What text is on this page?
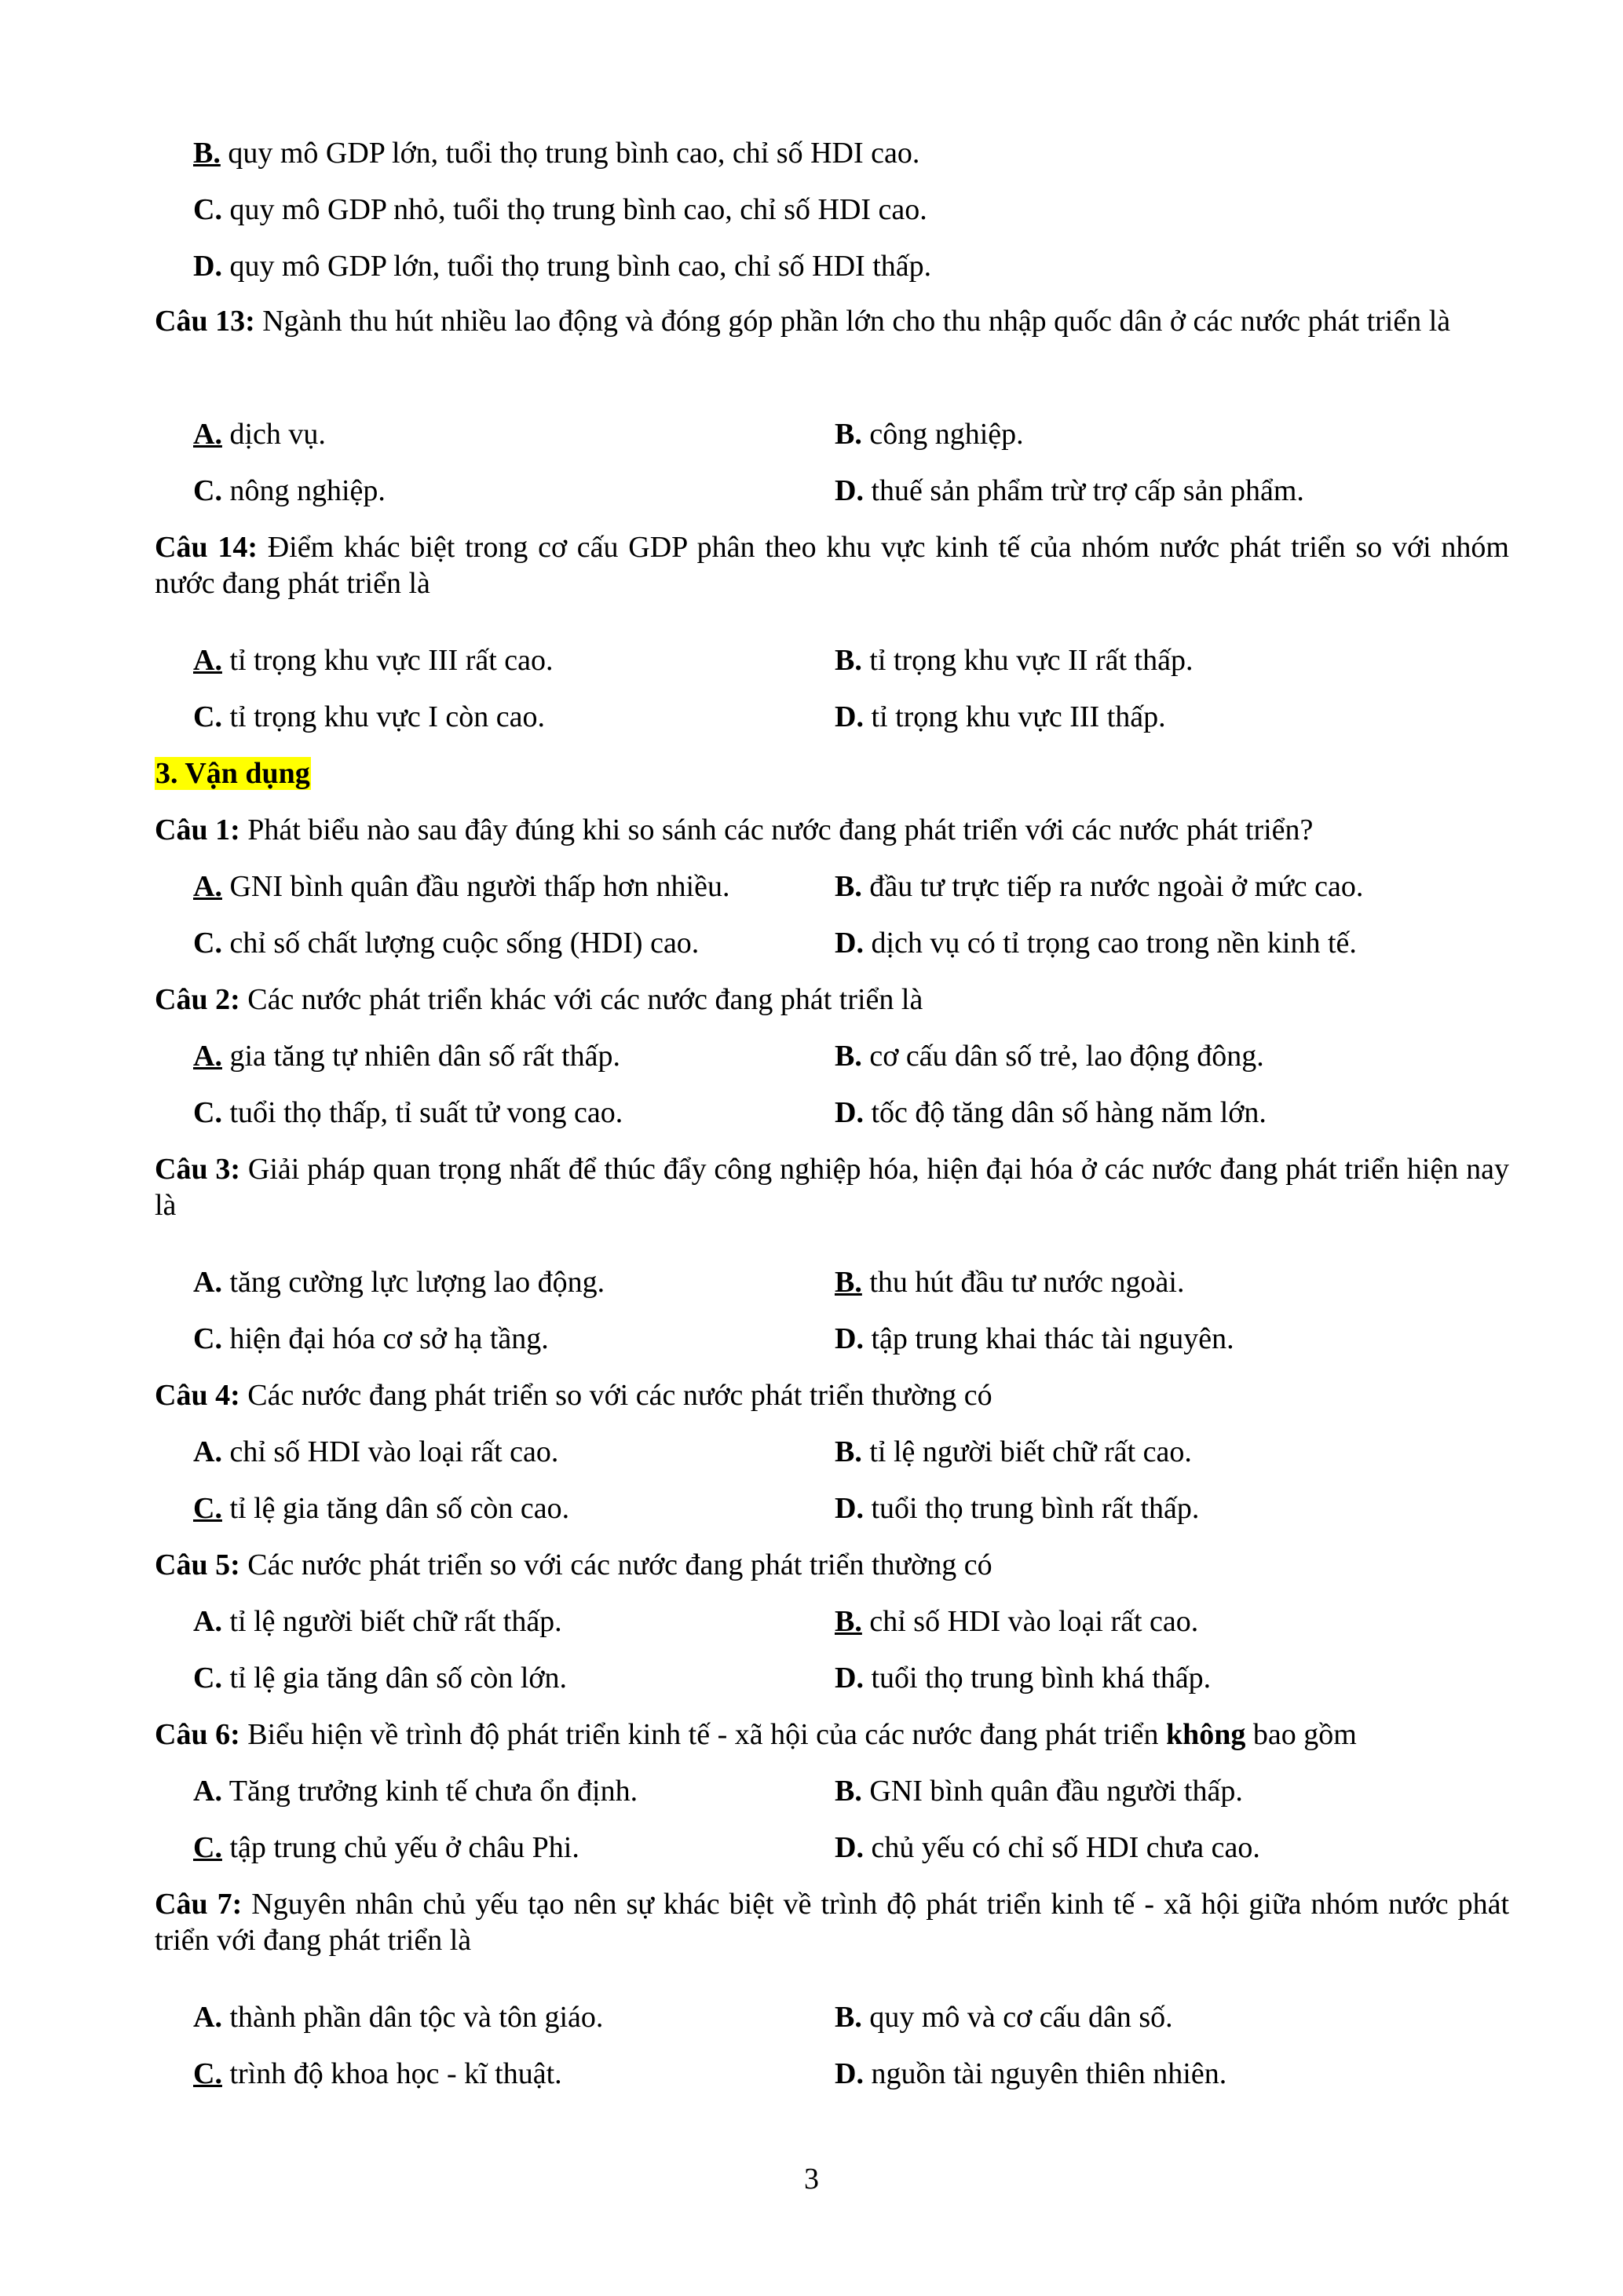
B. quy mô GDP lớn, tuổi thọ trung bình cao, chỉ số HDI cao.
C. quy mô GDP nhỏ, tuổi thọ trung bình cao, chỉ số HDI cao.
D. quy mô GDP lớn, tuổi thọ trung bình cao, chỉ số HDI thấp.
Câu 13: Ngành thu hút nhiều lao động và đóng góp phần lớn cho thu nhập quốc dân ở các nước phát triển là
A. dịch vụ.	B. công nghiệp.
C. nông nghiệp.	D. thuế sản phẩm trừ trợ cấp sản phẩm.
Câu 14: Điểm khác biệt trong cơ cấu GDP phân theo khu vực kinh tế của nhóm nước phát triển so với nhóm nước đang phát triển là
A. tỉ trọng khu vực III rất cao.	B. tỉ trọng khu vực II rất thấp.
C. tỉ trọng khu vực I còn cao.	D. tỉ trọng khu vực III thấp.
3. Vận dụng
Câu 1: Phát biểu nào sau đây đúng khi so sánh các nước đang phát triển với các nước phát triển?
A. GNI bình quân đầu người thấp hơn nhiều.	B. đầu tư trực tiếp ra nước ngoài ở mức cao.
C. chỉ số chất lượng cuộc sống (HDI) cao.	D. dịch vụ có tỉ trọng cao trong nền kinh tế.
Câu 2: Các nước phát triển khác với các nước đang phát triển là
A. gia tăng tự nhiên dân số rất thấp.	B. cơ cấu dân số trẻ, lao động đông.
C. tuổi thọ thấp, tỉ suất tử vong cao.	D. tốc độ tăng dân số hàng năm lớn.
Câu 3: Giải pháp quan trọng nhất để thúc đẩy công nghiệp hóa, hiện đại hóa ở các nước đang phát triển hiện nay là
A. tăng cường lực lượng lao động.	B. thu hút đầu tư nước ngoài.
C. hiện đại hóa cơ sở hạ tầng.	D. tập trung khai thác tài nguyên.
Câu 4: Các nước đang phát triển so với các nước phát triển thường có
A. chỉ số HDI vào loại rất cao.	B. tỉ lệ người biết chữ rất cao.
C. tỉ lệ gia tăng dân số còn cao.	D. tuổi thọ trung bình rất thấp.
Câu 5: Các nước phát triển so với các nước đang phát triển thường có
A. tỉ lệ người biết chữ rất thấp.	B. chỉ số HDI vào loại rất cao.
C. tỉ lệ gia tăng dân số còn lớn.	D. tuổi thọ trung bình khá thấp.
Câu 6: Biểu hiện về trình độ phát triển kinh tế - xã hội của các nước đang phát triển không bao gồm
A. Tăng trưởng kinh tế chưa ổn định.	B. GNI bình quân đầu người thấp.
C. tập trung chủ yếu ở châu Phi.	D. chủ yếu có chỉ số HDI chưa cao.
Câu 7: Nguyên nhân chủ yếu tạo nên sự khác biệt về trình độ phát triển kinh tế - xã hội giữa nhóm nước phát triển với đang phát triển là
A. thành phần dân tộc và tôn giáo.	B. quy mô và cơ cấu dân số.
C. trình độ khoa học - kĩ thuật.	D. nguồn tài nguyên thiên nhiên.
3
